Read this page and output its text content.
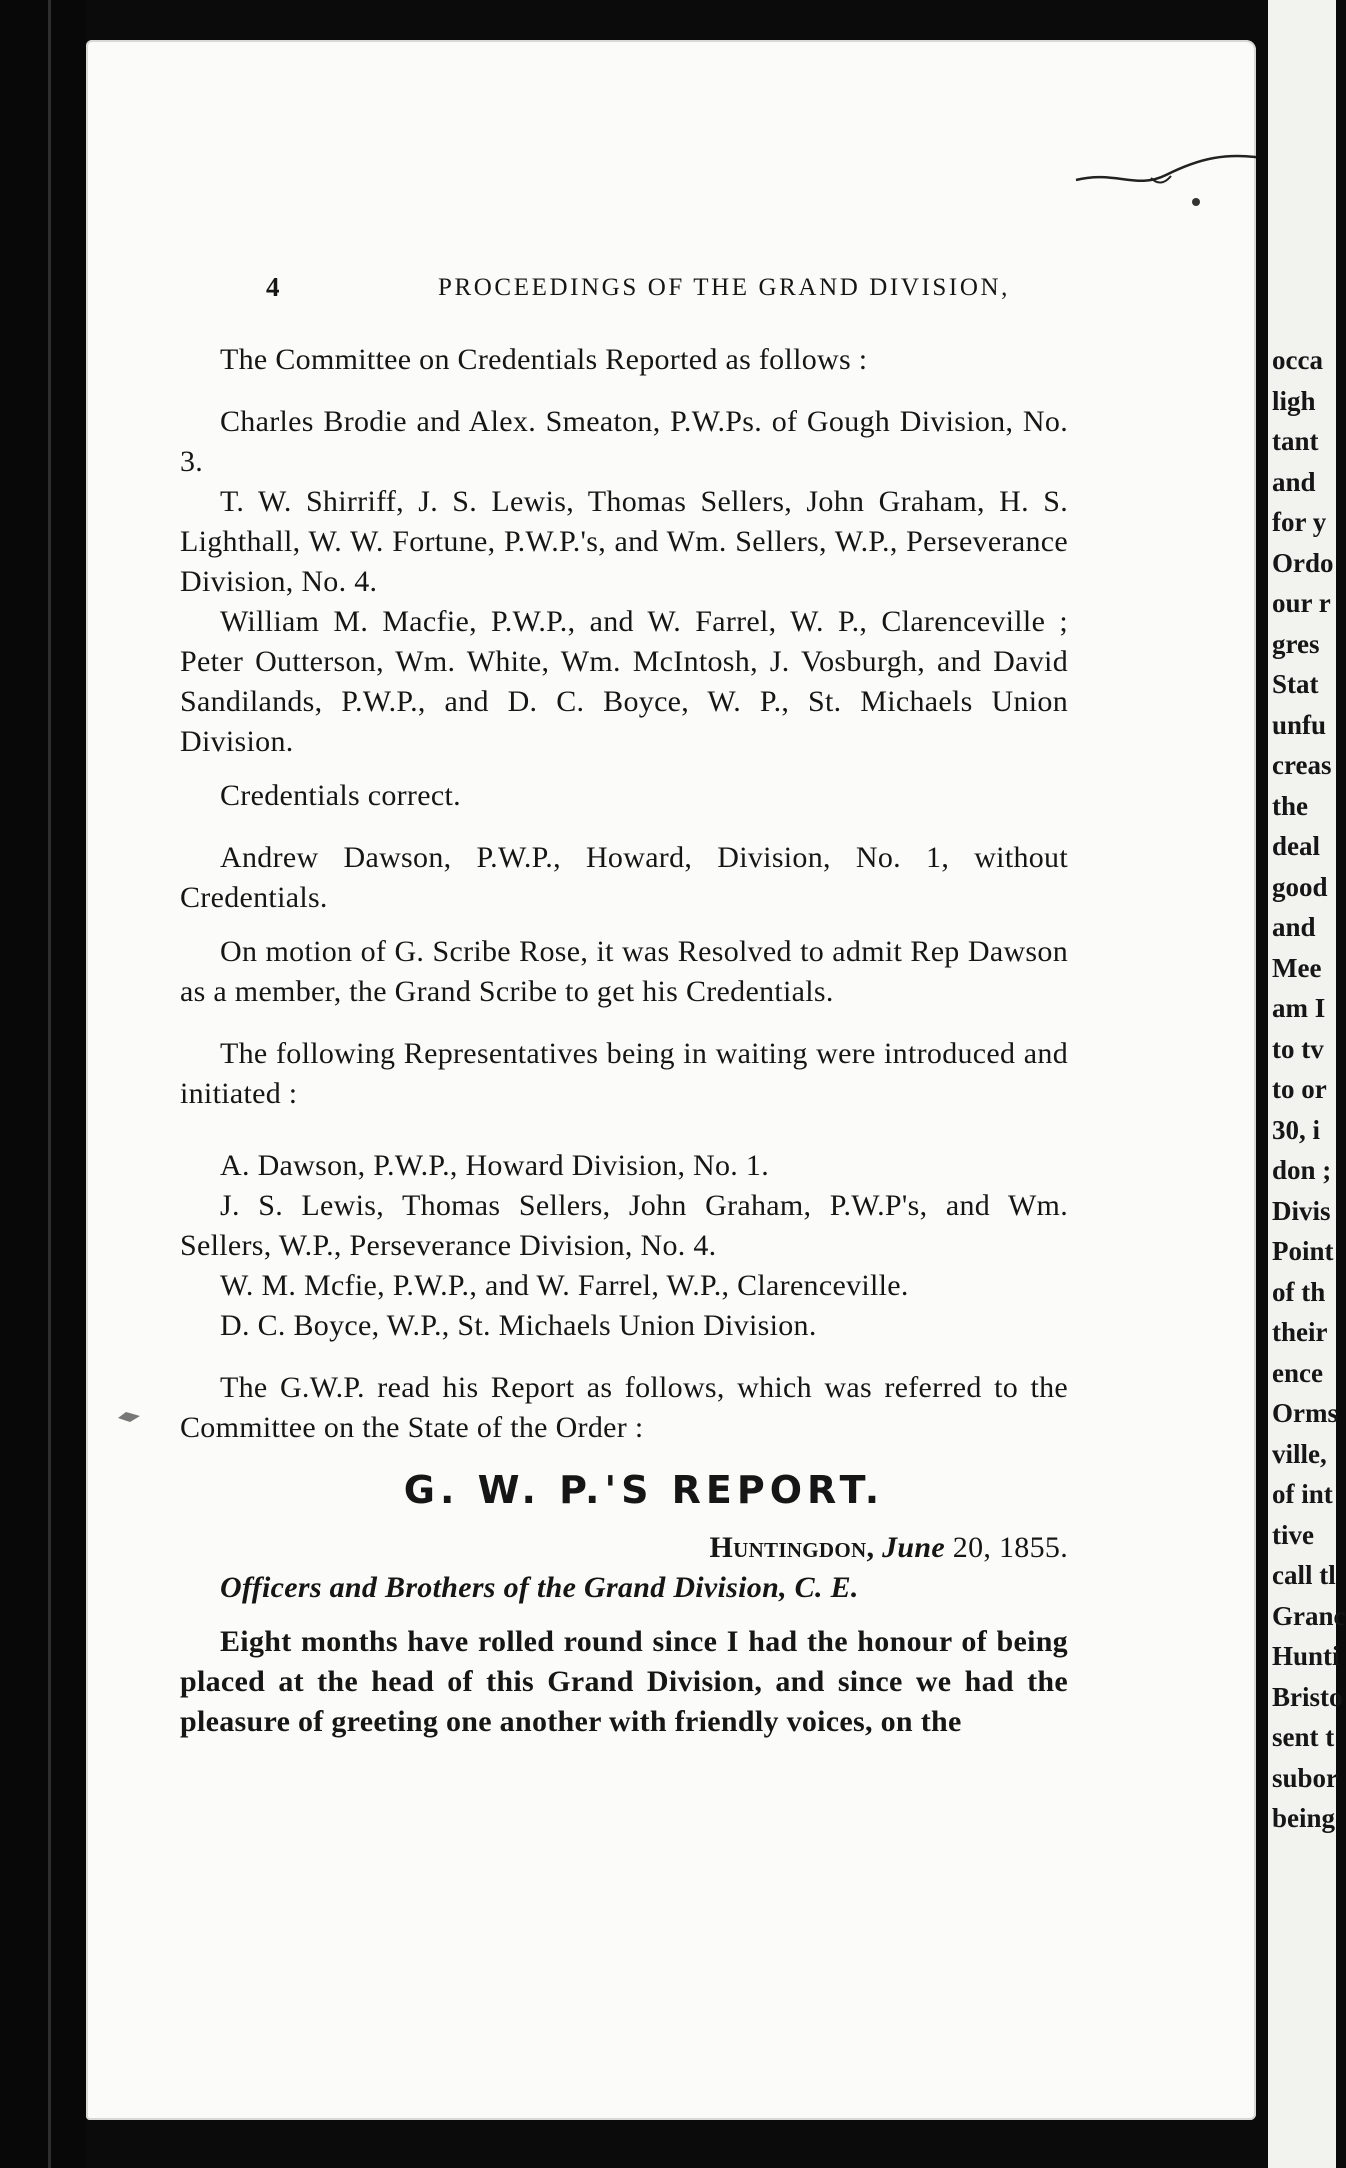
4	PROCEEDINGS OF THE GRAND DIVISION,

The Committee on Credentials Reported as follows :

Charles Brodie and Alex. Smeaton, P.W.Ps. of Gough Division, No. 3.

T. W. Shirriff, J. S. Lewis, Thomas Sellers, John Graham, H. S. Lighthall, W. W. Fortune, P.W.P.'s, and Wm. Sellers, W.P., Perseverance Division, No. 4.

William M. Macfie, P.W.P., and W. Farrel, W. P., Clarenceville ; Peter Outterson, Wm. White, Wm. McIntosh, J. Vosburgh, and David Sandilands, P.W.P., and D. C. Boyce, W. P., St. Michaels Union Division.

Credentials correct.

Andrew Dawson, P.W.P., Howard, Division, No. 1, without Credentials.

On motion of G. Scribe Rose, it was Resolved to admit Rep Dawson as a member, the Grand Scribe to get his Credentials.

The following Representatives being in waiting were introduced and initiated :

A. Dawson, P.W.P., Howard Division, No. 1.

J. S. Lewis, Thomas Sellers, John Graham, P.W.P's, and Wm. Sellers, W.P., Perseverance Division, No. 4.

W. M. Mcfie, P.W.P., and W. Farrel, W.P., Clarenceville.

D. C. Boyce, W.P., St. Michaels Union Division.

The G.W.P. read his Report as follows, which was referred to the Committee on the State of the Order :

G. W. P.'S REPORT.
Huntingdon, June 20, 1855.

Officers and Brothers of the Grand Division, C. E.

Eight months have rolled round since I had the honour of being placed at the head of this Grand Division, and since we had the pleasure of greeting one another with friendly voices, on the

occa
ligh
tant
and
for y
Ordo
our r
gres
Stat
unfu
creas
the
deal
good
and
Mee
am I
to tv
to or
30, i
don ;
Divis
Point
of th
their
ence
Orms
ville,
of int
tive
call tl
Granc
Hunti
Bristo
sent t
subor
being
